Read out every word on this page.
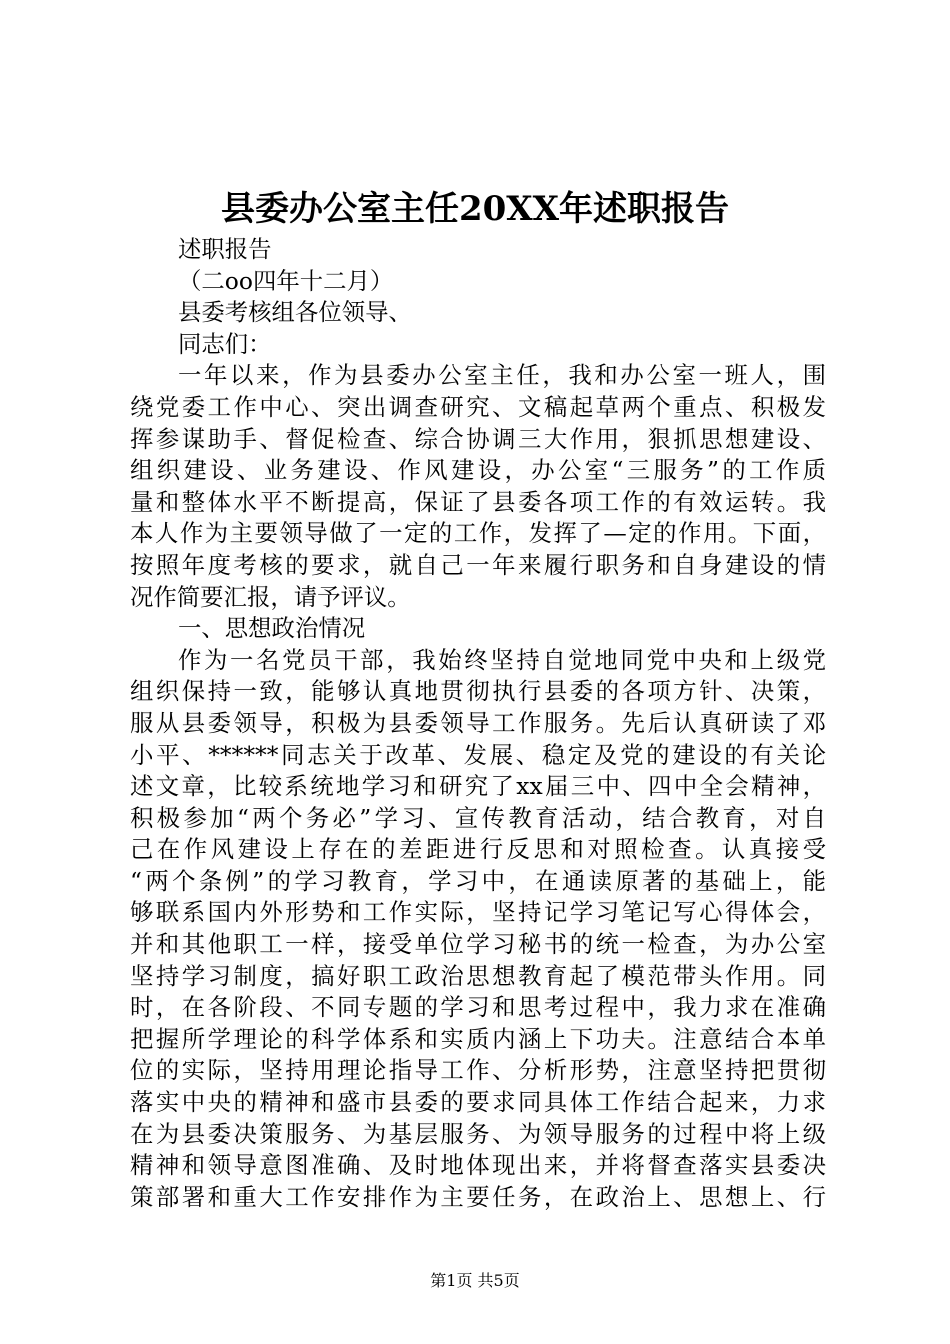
县委办公室主任20XX年述职报告
述职报告
（二oo四年十二月）
县委考核组各位领导、
同志们：
一年以来，作为县委办公室主任，我和办公室一班人，围
绕党委工作中心、突出调查研究、文稿起草两个重点、积极发
挥参谋助手、督促检查、综合协调三大作用，狠抓思想建设、
组织建设、业务建设、作风建设，办公室“三服务”的工作质
量和整体水平不断提高，保证了县委各项工作的有效运转。我
本人作为主要领导做了一定的工作，发挥了—定的作用。下面，
按照年度考核的要求，就自己一年来履行职务和自身建设的情
况作简要汇报，请予评议。
一、思想政治情况
作为一名党员干部，我始终坚持自觉地同党中央和上级党
组织保持一致，能够认真地贯彻执行县委的各项方针、决策，
服从县委领导，积极为县委领导工作服务。先后认真研读了邓
小平、******同志关于改革、发展、稳定及党的建设的有关论
述文章，比较系统地学习和研究了xx届三中、四中全会精神，
积极参加“两个务必”学习、宣传教育活动，结合教育，对自
己在作风建设上存在的差距进行反思和对照检查。认真接受
“两个条例”的学习教育，学习中，在通读原著的基础上，能
够联系国内外形势和工作实际，坚持记学习笔记写心得体会，
并和其他职工一样，接受单位学习秘书的统一检查，为办公室
坚持学习制度，搞好职工政治思想教育起了模范带头作用。同
时，在各阶段、不同专题的学习和思考过程中，我力求在准确
把握所学理论的科学体系和实质内涵上下功夫。注意结合本单
位的实际，坚持用理论指导工作、分析形势，注意坚持把贯彻
落实中央的精神和盛市县委的要求同具体工作结合起来，力求
在为县委决策服务、为基层服务、为领导服务的过程中将上级
精神和领导意图准确、及时地体现出来，并将督查落实县委决
策部署和重大工作安排作为主要任务，在政治上、思想上、行
第1页 共5页
